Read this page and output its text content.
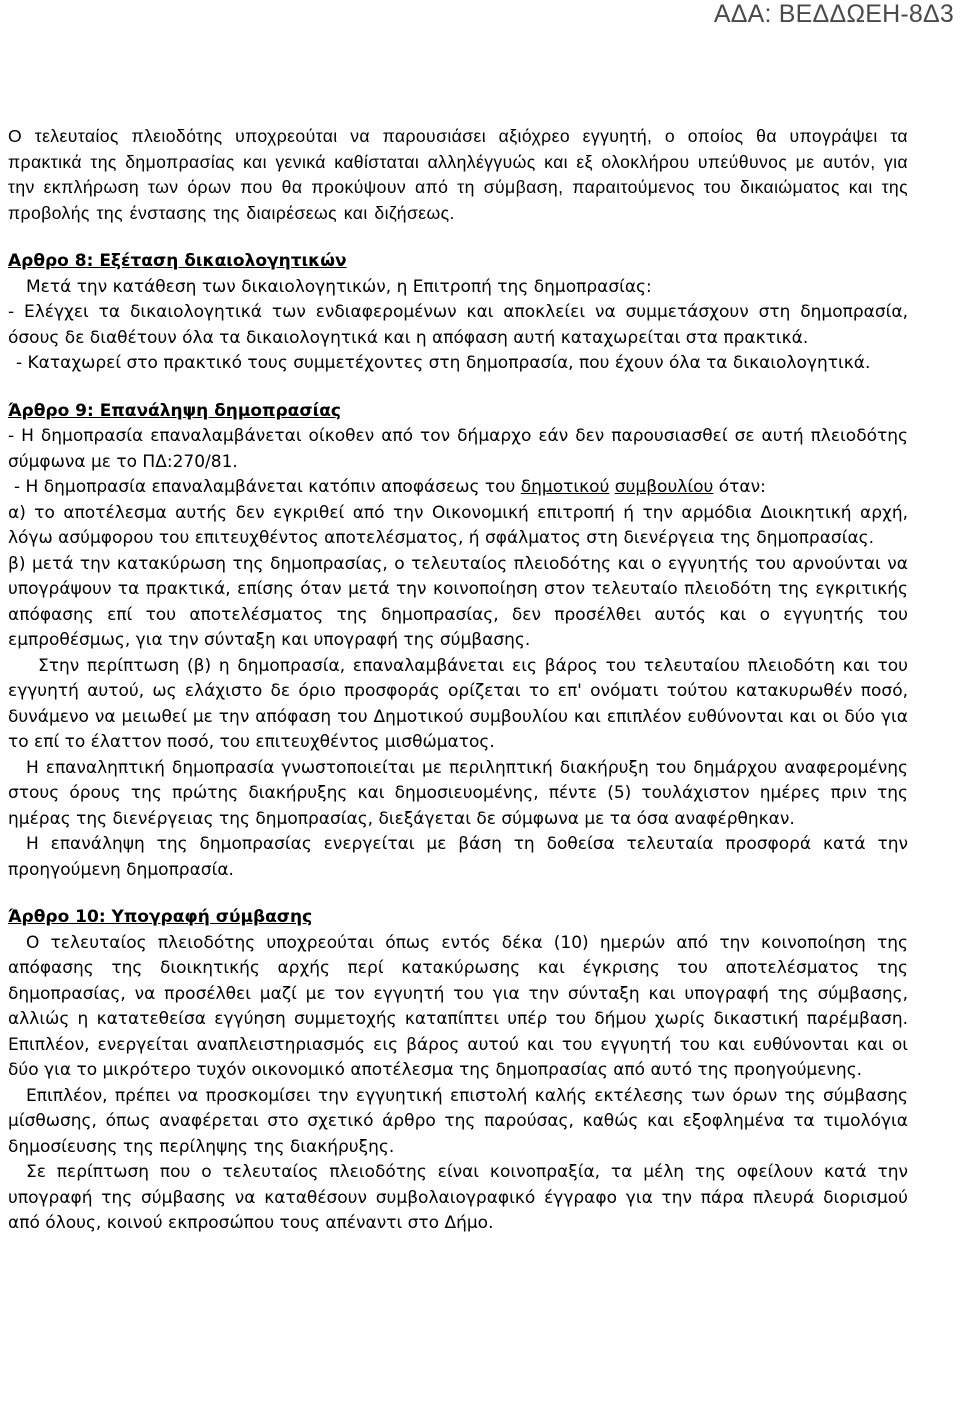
ΑΔΑ: ΒΕΔΔΩΕΗ-8Δ3

Ο τελευταίος πλειοδότης υποχρεούται να παρουσιάσει αξιόχρεο εγγυητή, ο οποίος θα υπογράψει τα πρακτικά της δημοπρασίας και γενικά καθίσταται αλληλέγγυώς και εξ ολοκλήρου υπεύθυνος με αυτόν, για την εκπλήρωση των όρων που θα προκύψουν από τη σύμβαση, παραιτούμενος του δικαιώματος και της προβολής της ένστασης της διαιρέσεως και διζήσεως.

Αρθρο 8: Εξέταση δικαιολογητικών

Μετά την κατάθεση των δικαιολογητικών, η Επιτροπή της δημοπρασίας:

- Ελέγχει τα δικαιολογητικά των ενδιαφερομένων και αποκλείει να συμμετάσχουν στη δημοπρασία, όσους δε διαθέτουν όλα τα δικαιολογητικά και η απόφαση αυτή καταχωρείται στα πρακτικά.

- Καταχωρεί στο πρακτικό τους συμμετέχοντες στη δημοπρασία, που έχουν όλα τα δικαιολογητικά.

Άρθρο 9: Επανάληψη δημοπρασίας

- Η δημοπρασία επαναλαμβάνεται οίκοθεν από τον δήμαρχο εάν δεν παρουσιασθεί σε αυτή πλειοδότης σύμφωνα με το ΠΔ:270/81.

- Η δημοπρασία επαναλαμβάνεται κατόπιν αποφάσεως του δημοτικού συμβουλίου όταν:

α) το αποτέλεσμα αυτής δεν εγκριθεί από την Οικονομική επιτροπή ή την αρμόδια Διοικητική αρχή, λόγω ασύμφορου του επιτευχθέντος αποτελέσματος, ή σφάλματος στη διενέργεια της δημοπρασίας.

β) μετά την κατακύρωση της δημοπρασίας, ο τελευταίος πλειοδότης και ο εγγυητής του αρνούνται να υπογράψουν τα πρακτικά, επίσης όταν μετά την κοινοποίηση στον τελευταίο πλειοδότη της εγκριτικής απόφασης επί του αποτελέσματος της δημοπρασίας, δεν προσέλθει αυτός και ο εγγυητής του εμπροθέσμως, για την σύνταξη και υπογραφή της σύμβασης.

Στην περίπτωση (β) η δημοπρασία, επαναλαμβάνεται εις βάρος του τελευταίου πλειοδότη και του εγγυητή αυτού, ως ελάχιστο δε όριο προσφοράς ορίζεται το επ' ονόματι τούτου κατακυρωθέν ποσό, δυνάμενο να μειωθεί με την απόφαση του Δημοτικού συμβουλίου και επιπλέον ευθύνονται και οι δύο για το επί το έλαττον ποσό, του επιτευχθέντος μισθώματος.

Η επαναληπτική δημοπρασία γνωστοποιείται με περιληπτική διακήρυξη του δημάρχου αναφερομένης στους όρους της πρώτης διακήρυξης και δημοσιευομένης, πέντε (5) τουλάχιστον ημέρες πριν της ημέρας της διενέργειας της δημοπρασίας, διεξάγεται δε σύμφωνα με τα όσα αναφέρθηκαν.

Η επανάληψη της δημοπρασίας ενεργείται με βάση τη δοθείσα τελευταία προσφορά κατά την προηγούμενη δημοπρασία.

Άρθρο 10: Υπογραφή σύμβασης

Ο τελευταίος πλειοδότης υποχρεούται όπως εντός δέκα (10) ημερών από την κοινοποίηση της απόφασης της διοικητικής αρχής περί κατακύρωσης και έγκρισης του αποτελέσματος της δημοπρασίας, να προσέλθει μαζί με τον εγγυητή του για την σύνταξη και υπογραφή της σύμβασης, αλλιώς η κατατεθείσα εγγύηση συμμετοχής καταπίπτει υπέρ του δήμου χωρίς δικαστική παρέμβαση. Επιπλέον, ενεργείται αναπλειστηριασμός εις βάρος αυτού και του εγγυητή του και ευθύνονται και οι δύο για το μικρότερο τυχόν οικονομικό αποτέλεσμα της δημοπρασίας από αυτό της προηγούμενης.

Επιπλέον, πρέπει να προσκομίσει την εγγυητική επιστολή καλής εκτέλεσης των όρων της σύμβασης μίσθωσης, όπως αναφέρεται στο σχετικό άρθρο της παρούσας, καθώς και εξοφλημένα τα τιμολόγια δημοσίευσης της περίληψης της διακήρυξης.

Σε περίπτωση που ο τελευταίος πλειοδότης είναι κοινοπραξία, τα μέλη της οφείλουν κατά την υπογραφή της σύμβασης να καταθέσουν συμβολαιογραφικό έγγραφο για την πάρα πλευρά διορισμού από όλους, κοινού εκπροσώπου τους απέναντι στο Δήμο.
